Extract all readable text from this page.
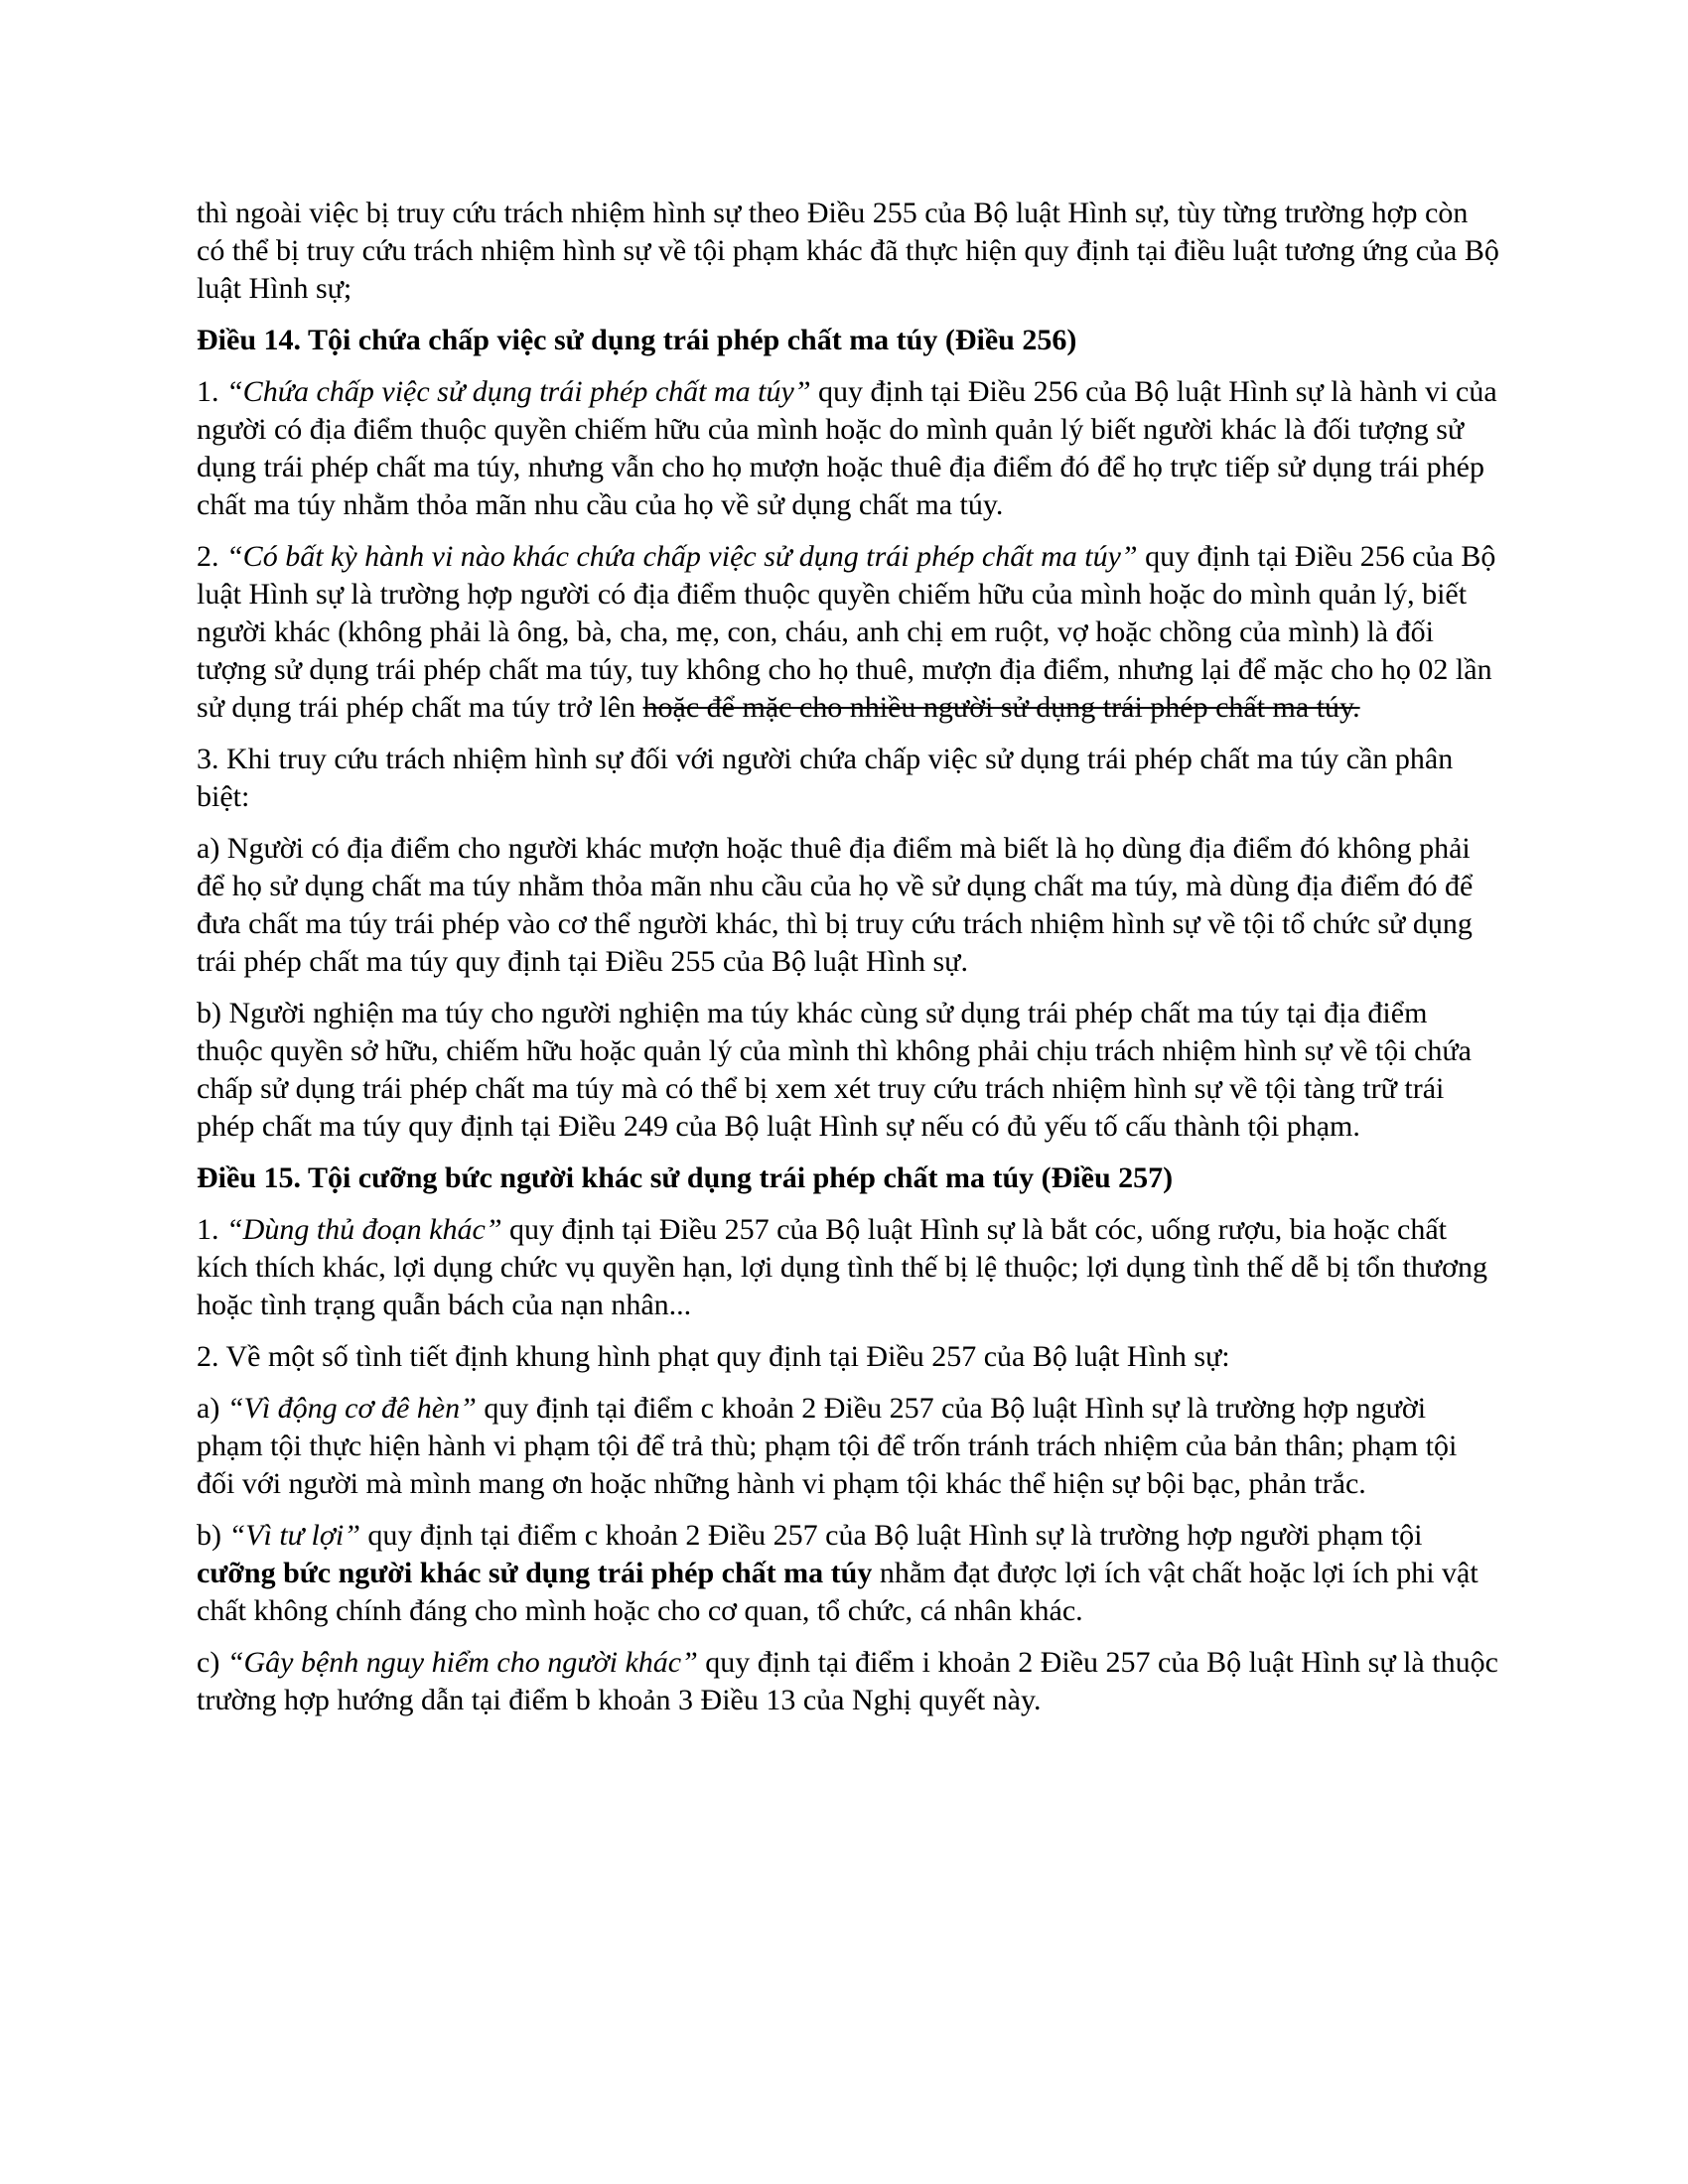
thì ngoài việc bị truy cứu trách nhiệm hình sự theo Điều 255 của Bộ luật Hình sự, tùy từng trường hợp còn có thể bị truy cứu trách nhiệm hình sự về tội phạm khác đã thực hiện quy định tại điều luật tương ứng của Bộ luật Hình sự;

Điều 14. Tội chứa chấp việc sử dụng trái phép chất ma túy (Điều 256)

1. “Chứa chấp việc sử dụng trái phép chất ma túy” quy định tại Điều 256 của Bộ luật Hình sự là hành vi của người có địa điểm thuộc quyền chiếm hữu của mình hoặc do mình quản lý biết người khác là đối tượng sử dụng trái phép chất ma túy, nhưng vẫn cho họ mượn hoặc thuê địa điểm đó để họ trực tiếp sử dụng trái phép chất ma túy nhằm thỏa mãn nhu cầu của họ về sử dụng chất ma túy.

2. “Có bất kỳ hành vi nào khác chứa chấp việc sử dụng trái phép chất ma túy” quy định tại Điều 256 của Bộ luật Hình sự là trường hợp người có địa điểm thuộc quyền chiếm hữu của mình hoặc do mình quản lý, biết người khác (không phải là ông, bà, cha, mẹ, con, cháu, anh chị em ruột, vợ hoặc chồng của mình) là đối tượng sử dụng trái phép chất ma túy, tuy không cho họ thuê, mượn địa điểm, nhưng lại để mặc cho họ 02 lần sử dụng trái phép chất ma túy trở lên hoặc để mặc cho nhiều người sử dụng trái phép chất ma túy.

3. Khi truy cứu trách nhiệm hình sự đối với người chứa chấp việc sử dụng trái phép chất ma túy cần phân biệt:

a) Người có địa điểm cho người khác mượn hoặc thuê địa điểm mà biết là họ dùng địa điểm đó không phải để họ sử dụng chất ma túy nhằm thỏa mãn nhu cầu của họ về sử dụng chất ma túy, mà dùng địa điểm đó để đưa chất ma túy trái phép vào cơ thể người khác, thì bị truy cứu trách nhiệm hình sự về tội tổ chức sử dụng trái phép chất ma túy quy định tại Điều 255 của Bộ luật Hình sự.

b) Người nghiện ma túy cho người nghiện ma túy khác cùng sử dụng trái phép chất ma túy tại địa điểm thuộc quyền sở hữu, chiếm hữu hoặc quản lý của mình thì không phải chịu trách nhiệm hình sự về tội chứa chấp sử dụng trái phép chất ma túy mà có thể bị xem xét truy cứu trách nhiệm hình sự về tội tàng trữ trái phép chất ma túy quy định tại Điều 249 của Bộ luật Hình sự nếu có đủ yếu tố cấu thành tội phạm.

Điều 15. Tội cưỡng bức người khác sử dụng trái phép chất ma túy (Điều 257)

1. “Dùng thủ đoạn khác” quy định tại Điều 257 của Bộ luật Hình sự là bắt cóc, uống rượu, bia hoặc chất kích thích khác, lợi dụng chức vụ quyền hạn, lợi dụng tình thế bị lệ thuộc; lợi dụng tình thế dễ bị tổn thương hoặc tình trạng quẫn bách của nạn nhân...

2. Về một số tình tiết định khung hình phạt quy định tại Điều 257 của Bộ luật Hình sự:

a) “Vì động cơ đê hèn” quy định tại điểm c khoản 2 Điều 257 của Bộ luật Hình sự là trường hợp người phạm tội thực hiện hành vi phạm tội để trả thù; phạm tội để trốn tránh trách nhiệm của bản thân; phạm tội đối với người mà mình mang ơn hoặc những hành vi phạm tội khác thể hiện sự bội bạc, phản trắc.

b) “Vì tư lợi” quy định tại điểm c khoản 2 Điều 257 của Bộ luật Hình sự là trường hợp người phạm tội cưỡng bức người khác sử dụng trái phép chất ma túy nhằm đạt được lợi ích vật chất hoặc lợi ích phi vật chất không chính đáng cho mình hoặc cho cơ quan, tổ chức, cá nhân khác.

c) “Gây bệnh nguy hiểm cho người khác” quy định tại điểm i khoản 2 Điều 257 của Bộ luật Hình sự là thuộc trường hợp hướng dẫn tại điểm b khoản 3 Điều 13 của Nghị quyết này.
